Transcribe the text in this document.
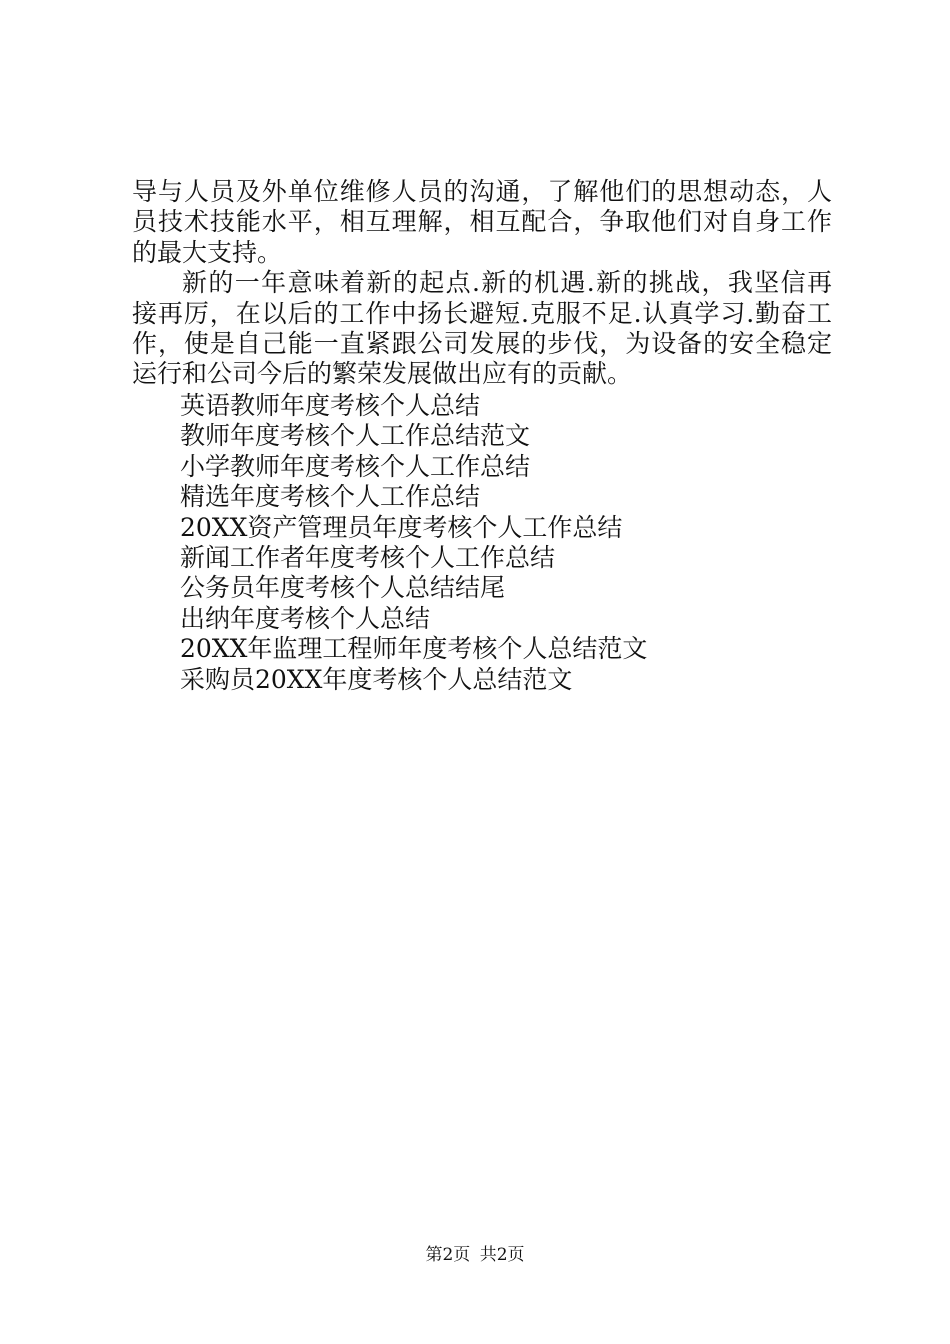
导与人员及外单位维修人员的沟通，了解他们的思想动态，人
员技术技能水平，相互理解，相互配合，争取他们对自身工作
的最大支持。
新的一年意味着新的起点.新的机遇.新的挑战，我坚信再
接再厉，在以后的工作中扬长避短.克服不足.认真学习.勤奋工
作，使是自己能一直紧跟公司发展的步伐，为设备的安全稳定
运行和公司今后的繁荣发展做出应有的贡献。
英语教师年度考核个人总结
教师年度考核个人工作总结范文
小学教师年度考核个人工作总结
精选年度考核个人工作总结
20XX资产管理员年度考核个人工作总结
新闻工作者年度考核个人工作总结
公务员年度考核个人总结结尾
出纳年度考核个人总结
20XX年监理工程师年度考核个人总结范文
采购员20XX年度考核个人总结范文
第2页 共2页
